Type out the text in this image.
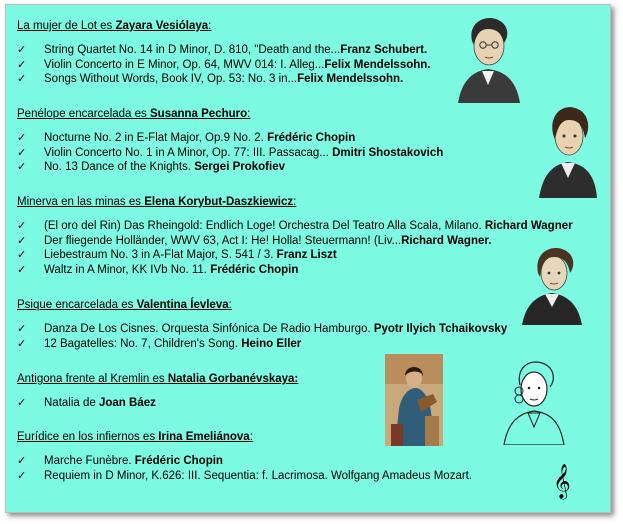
La mujer de Lot es Zayara Vesiólaya:
✓ String Quartet No. 14 in D Minor, D. 810, "Death and the...Franz Schubert.
✓ Violin Concerto in E Minor, Op. 64, MWV 014: I. Alleg...Felix Mendelssohn.
✓ Songs Without Words, Book IV, Op. 53: No. 3 in...Felix Mendelssohn.
Penélope encarcelada es Susanna Pechuro:
✓ Nocturne No. 2 in E-Flat Major, Op.9 No. 2. Frédéric Chopin
✓ Violin Concerto No. 1 in A Minor, Op. 77: III. Passacag... Dmitri Shostakovich
✓ No. 13 Dance of the Knights. Sergei Prokofiev
Minerva en las minas es Elena Korybut-Daszkiewicz:
✓ (El oro del Rin) Das Rheingold: Endlich Loge! Orchestra Del Teatro Alla Scala, Milano. Richard Wagner
✓ Der fliegende Holländer, WWV 63, Act I: He! Holla! Steuermann! (Liv...Richard Wagner.
✓ Liebestraum No. 3 in A-Flat Major, S. 541 / 3. Franz Liszt
✓ Waltz in A Minor, KK IVb No. 11. Frédéric Chopin
Psique encarcelada es Valentina Íevleva:
✓ Danza De Los Cisnes. Orquesta Sinfónica De Radio Hamburgo. Pyotr Ilyich Tchaikovsky
✓ 12 Bagatelles: No. 7, Children's Song. Heino Eller
Antigona frente al Kremlin es Natalia Gorbanévskaya:
✓ Natalia de Joan Báez
Eurídice en los infiernos es Irina Emeliánova:
✓ Marche Funèbre. Frédéric Chopin
✓ Requiem in D Minor, K.626: III. Sequentia: f. Lacrimosa. Wolfgang Amadeus Mozart.	𝄞
